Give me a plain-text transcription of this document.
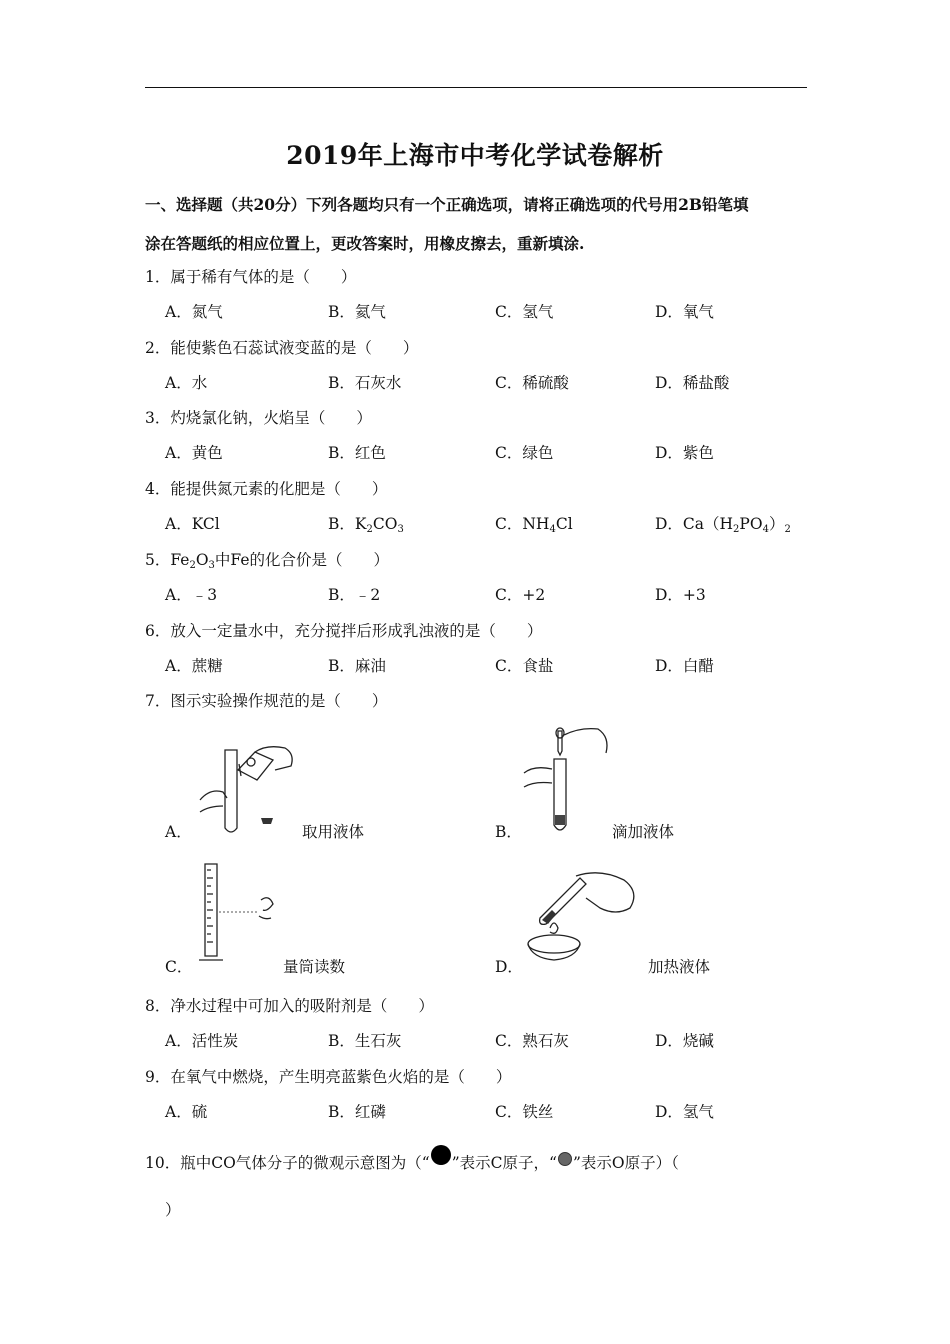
2019年上海市中考化学试卷解析
一、选择题（共20分）下列各题均只有一个正确选项，请将正确选项的代号用2B铅笔填
涂在答题纸的相应位置上，更改答案时，用橡皮擦去，重新填涂.
1．属于稀有气体的是（　　）
A．氮气	B．氦气	C．氢气	D．氧气
2．能使紫色石蕊试液变蓝的是（　　）
A．水	B．石灰水	C．稀硫酸	D．稀盐酸
3．灼烧氯化钠，火焰呈（　　）
A．黄色	B．红色	C．绿色	D．紫色
4．能提供氮元素的化肥是（　　）
A．KCl	B．$K_2CO_3$	C．$NH_4Cl$	D．$Ca(H_2PO_4)_2$
5．$Fe_2O_3$中Fe的化合价是（　　）
A．﹣3	B．﹣2	C．+2	D．+3
6．放入一定量水中，充分搅拌后形成乳浊液的是（　　）
A．蔗糖	B．麻油	C．食盐	D．白醋
7．图示实验操作规范的是（　　）
A．	取用液体	B．	滴加液体
C．	量筒读数	D．	加热液体
8．净水过程中可加入的吸附剂是（　　）
A．活性炭	B．生石灰	C．熟石灰	D．烧碱
9．在氧气中燃烧，产生明亮蓝紫色火焰的是（　　）
A．硫	B．红磷	C．铁丝	D．氢气
10．瓶中CO气体分子的微观示意图为（“ ”表示C原子，“ ”表示O原子）（
）
